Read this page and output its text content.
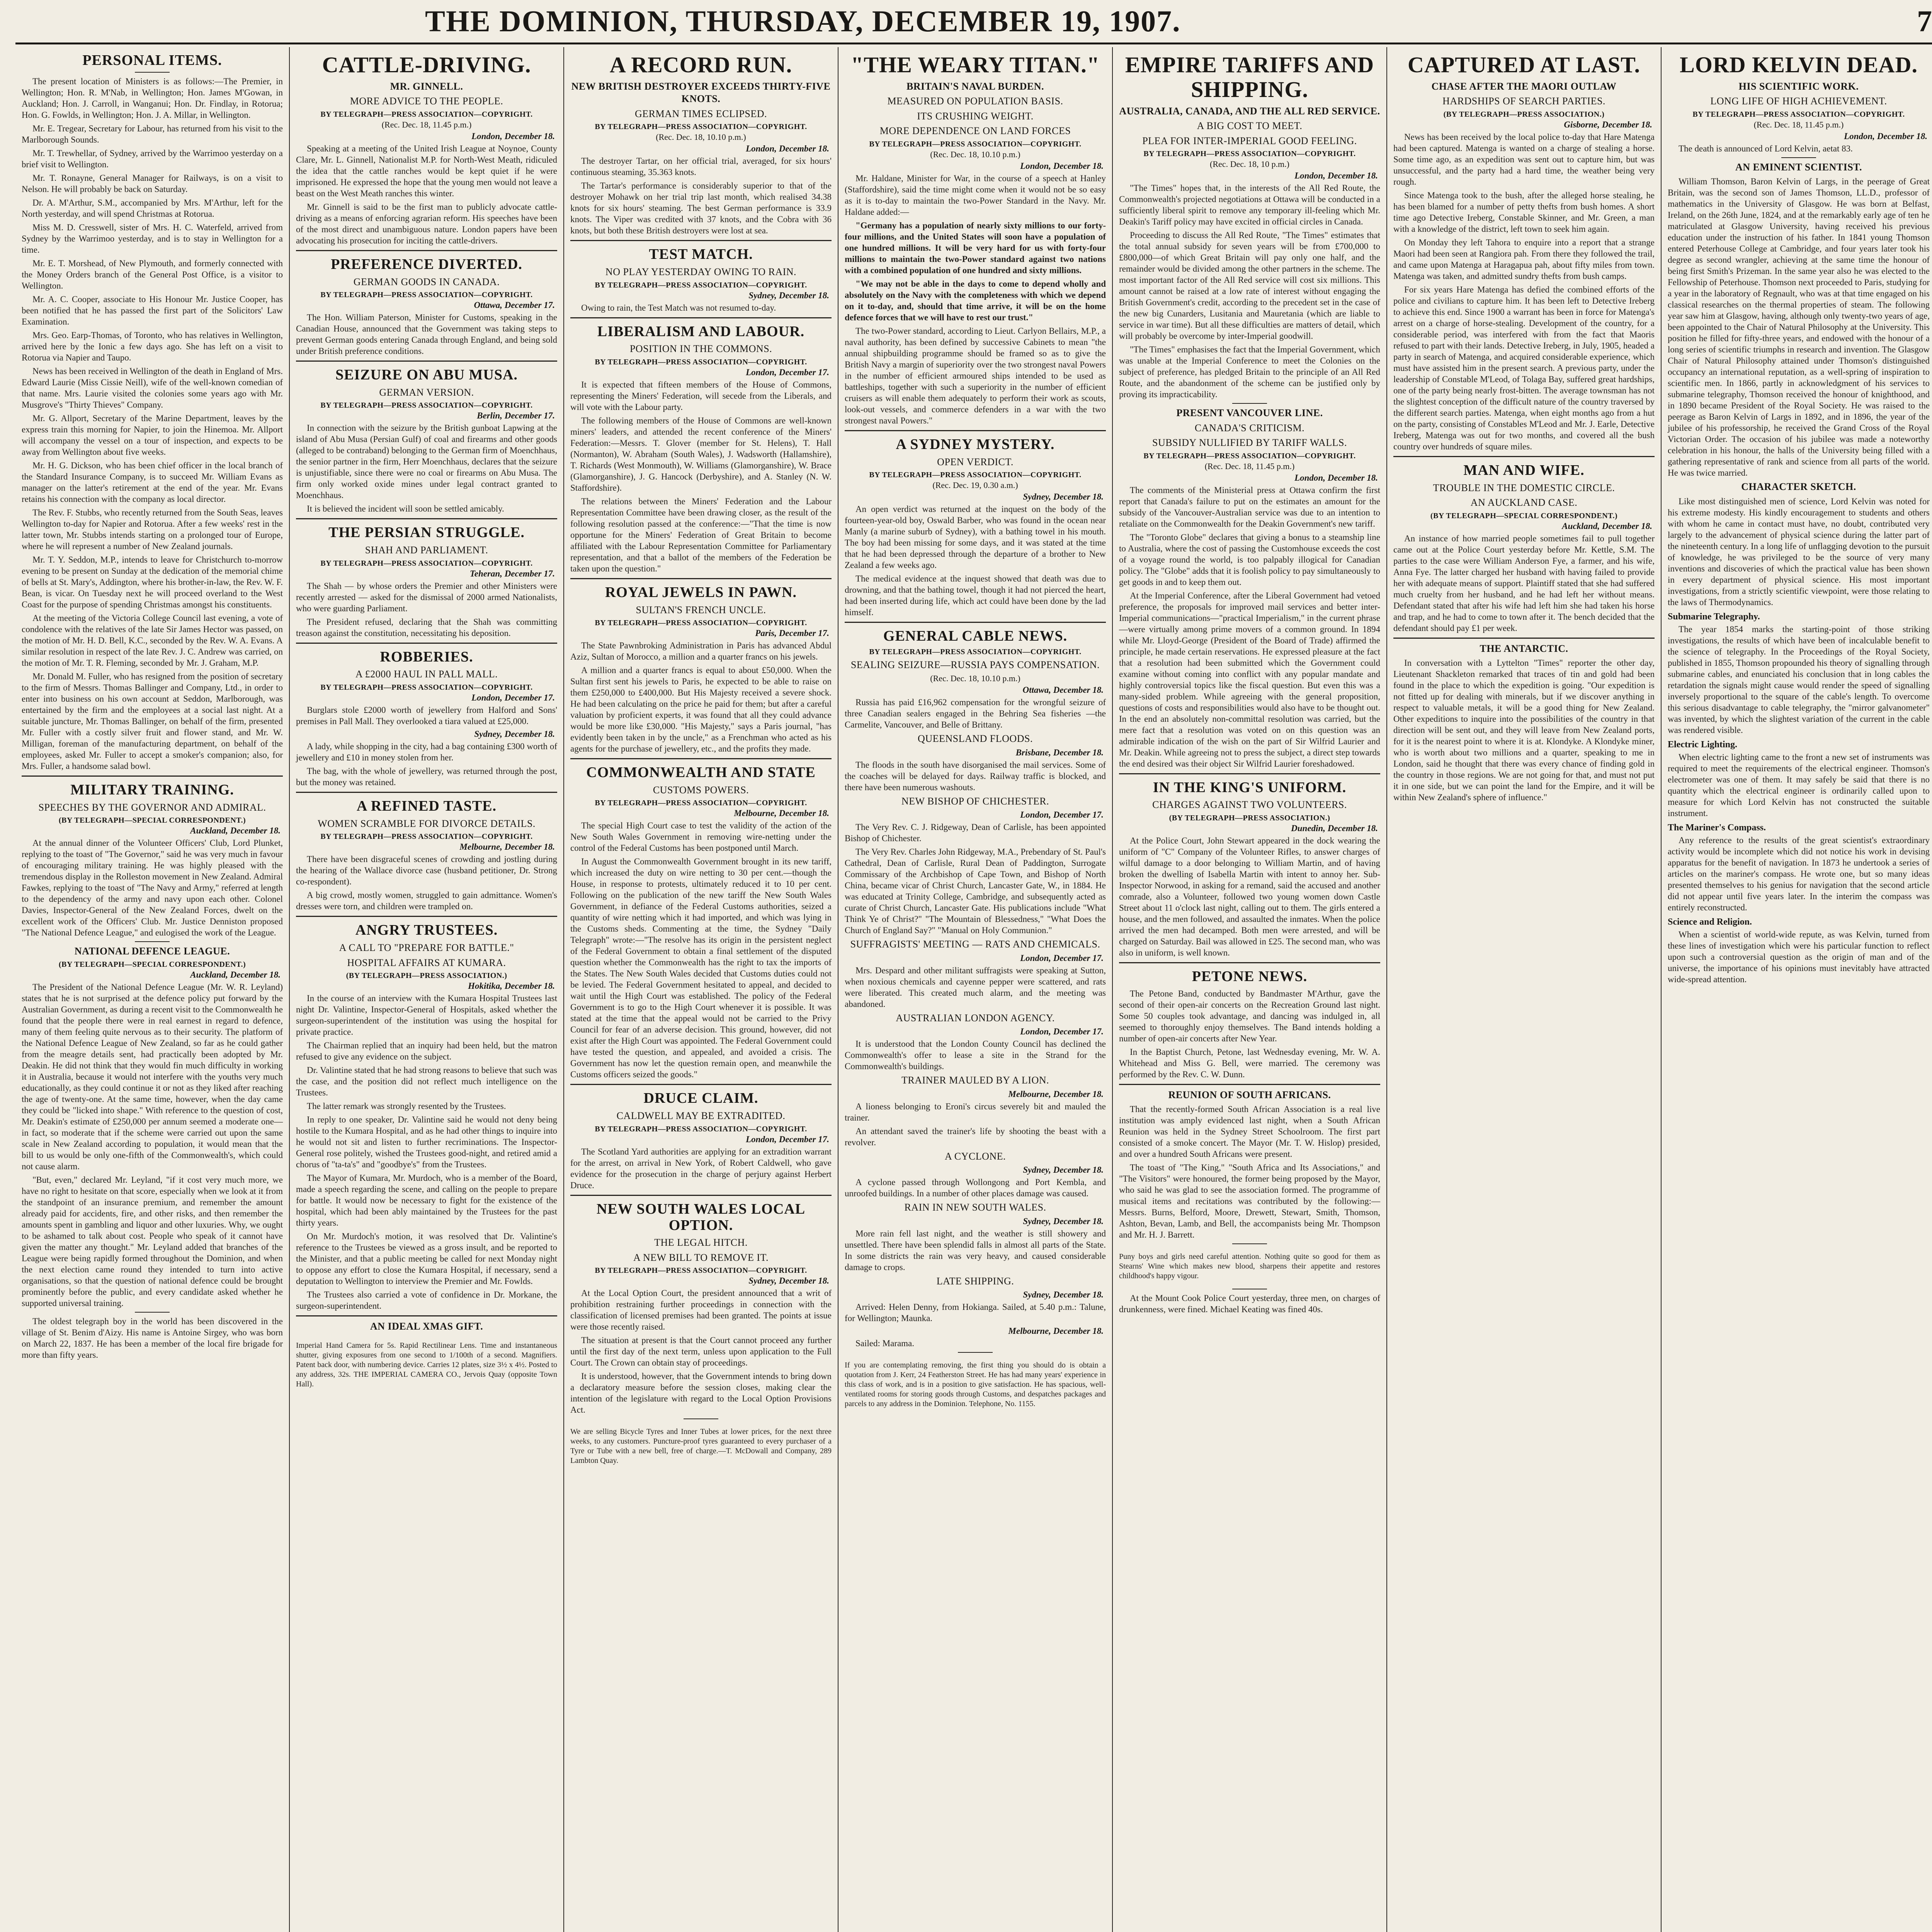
THE DOMINION, THURSDAY, DECEMBER 19, 1907.	7
PERSONAL ITEMS.

The present location of Ministers is as follows:—The Premier, in Wellington; Hon. R. M'Nab, in Wellington; Hon. James M'Gowan, in Auckland; Hon. J. Carroll, in Wanganui; Hon. Dr. Findlay, in Rotorua; Hon. G. Fowlds, in Wellington; Hon. J. A. Millar, in Wellington.

Mr. E. Tregear, Secretary for Labour, has returned from his visit to the Marlborough Sounds.

Mr. T. Trewhellar, of Sydney, arrived by the Warrimoo yesterday on a brief visit to Wellington.

Mr. T. Ronayne, General Manager for Railways, is on a visit to Nelson. He will probably be back on Saturday.

Dr. A. M'Arthur, S.M., accompanied by Mrs. M'Arthur, left for the North yesterday, and will spend Christmas at Rotorua.

Miss M. D. Cresswell, sister of Mrs. H. C. Waterfeld, arrived from Sydney by the Warrimoo yesterday, and is to stay in Wellington for a time.

Mr. E. T. Morshead, of New Plymouth, and formerly connected with the Money Orders branch of the General Post Office, is a visitor to Wellington.

Mr. A. C. Cooper, associate to His Honour Mr. Justice Cooper, has been notified that he has passed the first part of the Solicitors' Law Examination.

Mrs. Geo. Earp-Thomas, of Toronto, who has relatives in Wellington, arrived here by the Ionic a few days ago. She has left on a visit to Rotorua via Napier and Taupo.

News has been received in Wellington of the death in England of Mrs. Edward Laurie (Miss Cissie Neill), wife of the well-known comedian of that name. Mrs. Laurie visited the colonies some years ago with Mr. Musgrove's "Thirty Thieves" Company.

Mr. G. Allport, Secretary of the Marine Department, leaves by the express train this morning for Napier, to join the Hinemoa. Mr. Allport will accompany the vessel on a tour of inspection, and expects to be away from Wellington about five weeks.

Mr. H. G. Dickson, who has been chief officer in the local branch of the Standard Insurance Company, is to succeed Mr. William Evans as manager on the latter's retirement at the end of the year. Mr. Evans retains his connection with the company as local director.

The Rev. F. Stubbs, who recently returned from the South Seas, leaves Wellington to-day for Napier and Rotorua. After a few weeks' rest in the latter town, Mr. Stubbs intends starting on a prolonged tour of Europe, where he will represent a number of New Zealand journals.

Mr. T. Y. Seddon, M.P., intends to leave for Christchurch to-morrow evening to be present on Sunday at the dedication of the memorial chime of bells at St. Mary's, Addington, where his brother-in-law, the Rev. W. F. Bean, is vicar. On Tuesday next he will proceed overland to the West Coast for the purpose of spending Christmas amongst his constituents.

At the meeting of the Victoria College Council last evening, a vote of condolence with the relatives of the late Sir James Hector was passed, on the motion of Mr. H. D. Bell, K.C., seconded by the Rev. W. A. Evans. A similar resolution in respect of the late Rev. J. C. Andrew was carried, on the motion of Mr. T. R. Fleming, seconded by Mr. J. Graham, M.P.

Mr. Donald M. Fuller, who has resigned from the position of secretary to the firm of Messrs. Thomas Ballinger and Company, Ltd., in order to enter into business on his own account at Seddon, Marlborough, was entertained by the firm and the employees at a social last night. At a suitable juncture, Mr. Thomas Ballinger, on behalf of the firm, presented Mr. Fuller with a costly silver fruit and flower stand, and Mr. W. Milligan, foreman of the manufacturing department, on behalf of the employees, asked Mr. Fuller to accept a smoker's companion; also, for Mrs. Fuller, a handsome salad bowl.

MILITARY TRAINING.
SPEECHES BY THE GOVERNOR AND ADMIRAL.
(BY TELEGRAPH—SPECIAL CORRESPONDENT.)
Auckland, December 18.

At the annual dinner of the Volunteer Officers' Club, Lord Plunket, replying to the toast of "The Governor," said he was very much in favour of encouraging military training. He was highly pleased with the tremendous display in the Rolleston movement in New Zealand. Admiral Fawkes, replying to the toast of "The Navy and Army," referred at length to the dependency of the army and navy upon each other. Colonel Davies, Inspector-General of the New Zealand Forces, dwelt on the excellent work of the Officers' Club. Mr. Justice Denniston proposed "The National Defence League," and eulogised the work of the League.

NATIONAL DEFENCE LEAGUE.
(BY TELEGRAPH—SPECIAL CORRESPONDENT.)
Auckland, December 18.

The President of the National Defence League (Mr. W. R. Leyland) states that he is not surprised at the defence policy put forward by the Australian Government, as during a recent visit to the Commonwealth he found that the people there were in real earnest in regard to defence, many of them feeling quite nervous as to their security. The platform of the National Defence League of New Zealand, so far as he could gather from the meagre details sent, had practically been adopted by Mr. Deakin. He did not think that they would fin much difficulty in working it in Australia, because it would not interfere with the youths very much educationally, as they could continue it or not as they liked after reaching the age of twenty-one. At the same time, however, when the day came they could be "licked into shape." With reference to the question of cost, Mr. Deakin's estimate of £250,000 per annum seemed a moderate one—in fact, so moderate that if the scheme were carried out upon the same scale in New Zealand according to population, it would mean that the bill to us would be only one-fifth of the Commonwealth's, which could not cause alarm.

"But, even," declared Mr. Leyland, "if it cost very much more, we have no right to hesitate on that score, especially when we look at it from the standpoint of an insurance premium, and remember the amount already paid for accidents, fire, and other risks, and then remember the amounts spent in gambling and liquor and other luxuries. Why, we ought to be ashamed to talk about cost. People who speak of it cannot have given the matter any thought." Mr. Leyland added that branches of the League were being rapidly formed throughout the Dominion, and when the next election came round they intended to turn into active organisations, so that the question of national defence could be brought prominently before the public, and every candidate asked whether he supported universal training.

The oldest telegraph boy in the world has been discovered in the village of St. Benim d'Aizy. His name is Antoine Sirgey, who was born on March 22, 1837. He has been a member of the local fire brigade for more than fifty years.

CATTLE-DRIVING.
MR. GINNELL.
MORE ADVICE TO THE PEOPLE.
BY TELEGRAPH—PRESS ASSOCIATION—COPYRIGHT.
(Rec. Dec. 18, 11.45 p.m.)
London, December 18.

Speaking at a meeting of the United Irish League at Noynoe, County Clare, Mr. L. Ginnell, Nationalist M.P. for North-West Meath, ridiculed the idea that the cattle ranches would be kept quiet if he were imprisoned. He expressed the hope that the young men would not leave a beast on the West Meath ranches this winter.

Mr. Ginnell is said to be the first man to publicly advocate cattle-driving as a means of enforcing agrarian reform. His speeches have been of the most direct and unambiguous nature. London papers have been advocating his prosecution for inciting the cattle-drivers.

PREFERENCE DIVERTED.
GERMAN GOODS IN CANADA.
BY TELEGRAPH—PRESS ASSOCIATION—COPYRIGHT.
Ottawa, December 17.

The Hon. William Paterson, Minister for Customs, speaking in the Canadian House, announced that the Government was taking steps to prevent German goods entering Canada through England, and being sold under British preference conditions.

SEIZURE ON ABU MUSA.
GERMAN VERSION.
BY TELEGRAPH—PRESS ASSOCIATION—COPYRIGHT.
Berlin, December 17.

In connection with the seizure by the British gunboat Lapwing at the island of Abu Musa (Persian Gulf) of coal and firearms and other goods (alleged to be contraband) belonging to the German firm of Moenchhaus, the senior partner in the firm, Herr Moenchhaus, declares that the seizure is unjustifiable, since there were no coal or firearms on Abu Musa. The firm only worked oxide mines under legal contract granted to Moenchhaus.

It is believed the incident will soon be settled amicably.

THE PERSIAN STRUGGLE.
SHAH AND PARLIAMENT.
BY TELEGRAPH—PRESS ASSOCIATION—COPYRIGHT.
Teheran, December 17.

The Shah — by whose orders the Premier and other Ministers were recently arrested — asked for the dismissal of 2000 armed Nationalists, who were guarding Parliament.

The President refused, declaring that the Shah was committing treason against the constitution, necessitating his deposition.

ROBBERIES.
A £2000 HAUL IN PALL MALL.
BY TELEGRAPH—PRESS ASSOCIATION—COPYRIGHT.
London, December 17.

Burglars stole £2000 worth of jewellery from Halford and Sons' premises in Pall Mall. They overlooked a tiara valued at £25,000.

Sydney, December 18.

A lady, while shopping in the city, had a bag containing £300 worth of jewellery and £10 in money stolen from her.

The bag, with the whole of jewellery, was returned through the post, but the money was retained.

A REFINED TASTE.
WOMEN SCRAMBLE FOR DIVORCE DETAILS.
BY TELEGRAPH—PRESS ASSOCIATION—COPYRIGHT.
Melbourne, December 18.

There have been disgraceful scenes of crowding and jostling during the hearing of the Wallace divorce case (husband petitioner, Dr. Strong co-respondent).

A big crowd, mostly women, struggled to gain admittance. Women's dresses were torn, and children were trampled on.

ANGRY TRUSTEES.
A CALL TO "PREPARE FOR BATTLE."
HOSPITAL AFFAIRS AT KUMARA.
(BY TELEGRAPH—PRESS ASSOCIATION.)
Hokitika, December 18.

In the course of an interview with the Kumara Hospital Trustees last night Dr. Valintine, Inspector-General of Hospitals, asked whether the surgeon-superintendent of the institution was using the hospital for private practice.

The Chairman replied that an inquiry had been held, but the matron refused to give any evidence on the subject.

Dr. Valintine stated that he had strong reasons to believe that such was the case, and the position did not reflect much intelligence on the Trustees.

The latter remark was strongly resented by the Trustees.

In reply to one speaker, Dr. Valintine said he would not deny being hostile to the Kumara Hospital, and as he had other things to inquire into he would not sit and listen to further recriminations. The Inspector-General rose politely, wished the Trustees good-night, and retired amid a chorus of "ta-ta's" and "goodbye's" from the Trustees.

The Mayor of Kumara, Mr. Murdoch, who is a member of the Board, made a speech regarding the scene, and calling on the people to prepare for battle. It would now be necessary to fight for the existence of the hospital, which had been ably maintained by the Trustees for the past thirty years.

On Mr. Murdoch's motion, it was resolved that Dr. Valintine's reference to the Trustees be viewed as a gross insult, and be reported to the Minister, and that a public meeting be called for next Monday night to oppose any effort to close the Kumara Hospital, if necessary, send a deputation to Wellington to interview the Premier and Mr. Fowlds.

The Trustees also carried a vote of confidence in Dr. Morkane, the surgeon-superintendent.

AN IDEAL XMAS GIFT.

Imperial Hand Camera for 5s. Rapid Rectilinear Lens. Time and instantaneous shutter, giving exposures from one second to 1/100th of a second. Magnifiers. Patent back door, with numbering device. Carries 12 plates, size 3½ x 4½. Posted to any address, 32s. THE IMPERIAL CAMERA CO., Jervois Quay (opposite Town Hall).

A RECORD RUN.
NEW BRITISH DESTROYER EXCEEDS THIRTY-FIVE KNOTS.
GERMAN TIMES ECLIPSED.
BY TELEGRAPH—PRESS ASSOCIATION—COPYRIGHT.
(Rec. Dec. 18, 10.10 p.m.)
London, December 18.

The destroyer Tartar, on her official trial, averaged, for six hours' continuous steaming, 35.363 knots.

The Tartar's performance is considerably superior to that of the destroyer Mohawk on her trial trip last month, which realised 34.38 knots for six hours' steaming. The best German performance is 33.9 knots. The Viper was credited with 37 knots, and the Cobra with 36 knots, but both these British destroyers were lost at sea.

TEST MATCH.
NO PLAY YESTERDAY OWING TO RAIN.
BY TELEGRAPH—PRESS ASSOCIATION—COPYRIGHT.
Sydney, December 18.

Owing to rain, the Test Match was not resumed to-day.

LIBERALISM AND LABOUR.
POSITION IN THE COMMONS.
BY TELEGRAPH—PRESS ASSOCIATION—COPYRIGHT.
London, December 17.

It is expected that fifteen members of the House of Commons, representing the Miners' Federation, will secede from the Liberals, and will vote with the Labour party.

The following members of the House of Commons are well-known miners' leaders, and attended the recent conference of the Miners' Federation:—Messrs. T. Glover (member for St. Helens), T. Hall (Normanton), W. Abraham (South Wales), J. Wadsworth (Hallamshire), T. Richards (West Monmouth), W. Williams (Glamorganshire), W. Brace (Glamorganshire), J. G. Hancock (Derbyshire), and A. Stanley (N. W. Staffordshire).

The relations between the Miners' Federation and the Labour Representation Committee have been drawing closer, as the result of the following resolution passed at the conference:—"That the time is now opportune for the Miners' Federation of Great Britain to become affiliated with the Labour Representation Committee for Parliamentary representation, and that a ballot of the members of the Federation be taken upon the question."

ROYAL JEWELS IN PAWN.
SULTAN'S FRENCH UNCLE.
BY TELEGRAPH—PRESS ASSOCIATION—COPYRIGHT.
Paris, December 17.

The State Pawnbroking Administration in Paris has advanced Abdul Aziz, Sultan of Morocco, a million and a quarter francs on his jewels.

A million and a quarter francs is equal to about £50,000. When the Sultan first sent his jewels to Paris, he expected to be able to raise on them £250,000 to £400,000. But His Majesty received a severe shock. He had been calculating on the price he paid for them; but after a careful valuation by proficient experts, it was found that all they could advance would be more like £30,000. "His Majesty," says a Paris journal, "has evidently been taken in by the uncle," as a Frenchman who acted as his agents for the purchase of jewellery, etc., and the profits they made.

COMMONWEALTH AND STATE
CUSTOMS POWERS.
BY TELEGRAPH—PRESS ASSOCIATION—COPYRIGHT.
Melbourne, December 18.

The special High Court case to test the validity of the action of the New South Wales Government in removing wire-netting under the control of the Federal Customs has been postponed until March.

In August the Commonwealth Government brought in its new tariff, which increased the duty on wire netting to 30 per cent.—though the House, in response to protests, ultimately reduced it to 10 per cent. Following on the publication of the new tariff the New South Wales Government, in defiance of the Federal Customs authorities, seized a quantity of wire netting which it had imported, and which was lying in the Customs sheds. Commenting at the time, the Sydney "Daily Telegraph" wrote:—"The resolve has its origin in the persistent neglect of the Federal Government to obtain a final settlement of the disputed question whether the Commonwealth has the right to tax the imports of the States. The New South Wales decided that Customs duties could not be levied. The Federal Government hesitated to appeal, and decided to wait until the High Court was established. The policy of the Federal Government is to go to the High Court whenever it is possible. It was stated at the time that the appeal would not be carried to the Privy Council for fear of an adverse decision. This ground, however, did not exist after the High Court was appointed. The Federal Government could have tested the question, and appealed, and avoided a crisis. The Government has now let the question remain open, and meanwhile the Customs officers seized the goods."

DRUCE CLAIM.
CALDWELL MAY BE EXTRADITED.
BY TELEGRAPH—PRESS ASSOCIATION—COPYRIGHT.
London, December 17.

The Scotland Yard authorities are applying for an extradition warrant for the arrest, on arrival in New York, of Robert Caldwell, who gave evidence for the prosecution in the charge of perjury against Herbert Druce.

NEW SOUTH WALES LOCAL OPTION.
THE LEGAL HITCH.
A NEW BILL TO REMOVE IT.
BY TELEGRAPH—PRESS ASSOCIATION—COPYRIGHT.
Sydney, December 18.

At the Local Option Court, the president announced that a writ of prohibition restraining further proceedings in connection with the classification of licensed premises had been granted. The points at issue were those recently raised.

The situation at present is that the Court cannot proceed any further until the first day of the next term, unless upon application to the Full Court. The Crown can obtain stay of proceedings.

It is understood, however, that the Government intends to bring down a declaratory measure before the session closes, making clear the intention of the legislature with regard to the Local Option Provisions Act.

We are selling Bicycle Tyres and Inner Tubes at lower prices, for the next three weeks, to any customers. Puncture-proof tyres guaranteed to every purchaser of a Tyre or Tube with a new bell, free of charge.—T. McDowall and Company, 289 Lambton Quay.

"THE WEARY TITAN."
BRITAIN'S NAVAL BURDEN.
MEASURED ON POPULATION BASIS.
ITS CRUSHING WEIGHT.
MORE DEPENDENCE ON LAND FORCES
BY TELEGRAPH—PRESS ASSOCIATION—COPYRIGHT.
(Rec. Dec. 18, 10.10 p.m.)
London, December 18.

Mr. Haldane, Minister for War, in the course of a speech at Hanley (Staffordshire), said the time might come when it would not be so easy as it is to-day to maintain the two-Power Standard in the Navy. Mr. Haldane added:—

"Germany has a population of nearly sixty millions to our forty-four millions, and the United States will soon have a population of one hundred millions. It will be very hard for us with forty-four millions to maintain the two-Power standard against two nations with a combined population of one hundred and sixty millions.

"We may not be able in the days to come to depend wholly and absolutely on the Navy with the completeness with which we depend on it to-day, and, should that time arrive, it will be on the home defence forces that we will have to rest our trust."

The two-Power standard, according to Lieut. Carlyon Bellairs, M.P., a naval authority, has been defined by successive Cabinets to mean "the annual shipbuilding programme should be framed so as to give the British Navy a margin of superiority over the two strongest naval Powers in the number of efficient armoured ships intended to be used as battleships, together with such a superiority in the number of efficient cruisers as will enable them adequately to perform their work as scouts, look-out vessels, and commerce defenders in a war with the two strongest naval Powers."

A SYDNEY MYSTERY.
OPEN VERDICT.
BY TELEGRAPH—PRESS ASSOCIATION—COPYRIGHT.
(Rec. Dec. 19, 0.30 a.m.)
Sydney, December 18.

An open verdict was returned at the inquest on the body of the fourteen-year-old boy, Oswald Barber, who was found in the ocean near Manly (a marine suburb of Sydney), with a bathing towel in his mouth. The boy had been missing for some days, and it was stated at the time that he had been depressed through the departure of a brother to New Zealand a few weeks ago.

The medical evidence at the inquest showed that death was due to drowning, and that the bathing towel, though it had not pierced the heart, had been inserted during life, which act could have been done by the lad himself.

GENERAL CABLE NEWS.
BY TELEGRAPH—PRESS ASSOCIATION—COPYRIGHT.
SEALING SEIZURE—RUSSIA PAYS COMPENSATION.
(Rec. Dec. 18, 10.10 p.m.)
Ottawa, December 18.

Russia has paid £16,962 compensation for the wrongful seizure of three Canadian sealers engaged in the Behring Sea fisheries —the Carmelite, Vancouver, and Belle of Brittany.

QUEENSLAND FLOODS.
Brisbane, December 18.

The floods in the south have disorganised the mail services. Some of the coaches will be delayed for days. Railway traffic is blocked, and there have been numerous washouts.

NEW BISHOP OF CHICHESTER.
London, December 17.

The Very Rev. C. J. Ridgeway, Dean of Carlisle, has been appointed Bishop of Chichester.

The Very Rev. Charles John Ridgeway, M.A., Prebendary of St. Paul's Cathedral, Dean of Carlisle, Rural Dean of Paddington, Surrogate Commissary of the Archbishop of Cape Town, and Bishop of North China, became vicar of Christ Church, Lancaster Gate, W., in 1884. He was educated at Trinity College, Cambridge, and subsequently acted as curate of Christ Church, Lancaster Gate. His publications include "What Think Ye of Christ?" "The Mountain of Blessedness," "What Does the Church of England Say?" "Manual on Holy Communion."

SUFFRAGISTS' MEETING — RATS AND CHEMICALS.
London, December 17.

Mrs. Despard and other militant suffragists were speaking at Sutton, when noxious chemicals and cayenne pepper were scattered, and rats were liberated. This created much alarm, and the meeting was abandoned.

AUSTRALIAN LONDON AGENCY.
London, December 17.

It is understood that the London County Council has declined the Commonwealth's offer to lease a site in the Strand for the Commonwealth's buildings.

TRAINER MAULED BY A LION.
Melbourne, December 18.

A lioness belonging to Eroni's circus severely bit and mauled the trainer.

An attendant saved the trainer's life by shooting the beast with a revolver.

A CYCLONE.
Sydney, December 18.

A cyclone passed through Wollongong and Port Kembla, and unroofed buildings. In a number of other places damage was caused.

RAIN IN NEW SOUTH WALES.
Sydney, December 18.

More rain fell last night, and the weather is still showery and unsettled. There have been splendid falls in almost all parts of the State. In some districts the rain was very heavy, and caused considerable damage to crops.

LATE SHIPPING.
Sydney, December 18.

Arrived: Helen Denny, from Hokianga. Sailed, at 5.40 p.m.: Talune, for Wellington; Maunka.

Melbourne, December 18.

Sailed: Marama.

If you are contemplating removing, the first thing you should do is obtain a quotation from J. Kerr, 24 Featherston Street. He has had many years' experience in this class of work, and is in a position to give satisfaction. He has spacious, well-ventilated rooms for storing goods through Customs, and despatches packages and parcels to any address in the Dominion. Telephone, No. 1155.

EMPIRE TARIFFS AND SHIPPING.
AUSTRALIA, CANADA, AND THE ALL RED SERVICE.
A BIG COST TO MEET.
PLEA FOR INTER-IMPERIAL GOOD FEELING.
BY TELEGRAPH—PRESS ASSOCIATION—COPYRIGHT.
(Rec. Dec. 18, 10 p.m.)
London, December 18.

"The Times" hopes that, in the interests of the All Red Route, the Commonwealth's projected negotiations at Ottawa will be conducted in a sufficiently liberal spirit to remove any temporary ill-feeling which Mr. Deakin's Tariff policy may have excited in official circles in Canada.

Proceeding to discuss the All Red Route, "The Times" estimates that the total annual subsidy for seven years will be from £700,000 to £800,000—of which Great Britain will pay only one half, and the remainder would be divided among the other partners in the scheme. The most important factor of the All Red service will cost six millions. This amount cannot be raised at a low rate of interest without engaging the British Government's credit, according to the precedent set in the case of the new big Cunarders, Lusitania and Mauretania (which are liable to service in war time). But all these difficulties are matters of detail, which will probably be overcome by inter-Imperial goodwill.

"The Times" emphasises the fact that the Imperial Government, which was unable at the Imperial Conference to meet the Colonies on the subject of preference, has pledged Britain to the principle of an All Red Route, and the abandonment of the scheme can be justified only by proving its impracticability.

PRESENT VANCOUVER LINE.
CANADA'S CRITICISM.
SUBSIDY NULLIFIED BY TARIFF WALLS.
BY TELEGRAPH—PRESS ASSOCIATION—COPYRIGHT.
(Rec. Dec. 18, 11.45 p.m.)
London, December 18.

The comments of the Ministerial press at Ottawa confirm the first report that Canada's failure to put on the estimates an amount for the subsidy of the Vancouver-Australian service was due to an intention to retaliate on the Commonwealth for the Deakin Government's new tariff.

The "Toronto Globe" declares that giving a bonus to a steamship line to Australia, where the cost of passing the Customhouse exceeds the cost of a voyage round the world, is too palpably illogical for Canadian policy. The "Globe" adds that it is foolish policy to pay simultaneously to get goods in and to keep them out.

At the Imperial Conference, after the Liberal Government had vetoed preference, the proposals for improved mail services and better inter-Imperial communications—"practical Imperialism," in the current phrase—were virtually among prime movers of a common ground. In 1894 while Mr. Lloyd-George (President of the Board of Trade) affirmed the principle, he made certain reservations. He expressed pleasure at the fact that a resolution had been submitted which the Government could examine without coming into conflict with any popular mandate and highly controversial topics like the fiscal question. But even this was a many-sided problem. While agreeing with the general proposition, questions of costs and responsibilities would also have to be thought out. In the end an absolutely non-committal resolution was carried, but the mere fact that a resolution was voted on on this question was an admirable indication of the wish on the part of Sir Wilfrid Laurier and Mr. Deakin. While agreeing not to press the subject, a direct step towards the end desired was their object Sir Wilfrid Laurier foreshadowed.

IN THE KING'S UNIFORM.
CHARGES AGAINST TWO VOLUNTEERS.
(BY TELEGRAPH—PRESS ASSOCIATION.)
Dunedin, December 18.

At the Police Court, John Stewart appeared in the dock wearing the uniform of "C" Company of the Volunteer Rifles, to answer charges of wilful damage to a door belonging to William Martin, and of having broken the dwelling of Isabella Martin with intent to annoy her. Sub-Inspector Norwood, in asking for a remand, said the accused and another comrade, also a Volunteer, followed two young women down Castle Street about 11 o'clock last night, calling out to them. The girls entered a house, and the men followed, and assaulted the inmates. When the police arrived the men had decamped. Both men were arrested, and will be charged on Saturday. Bail was allowed in £25. The second man, who was also in uniform, is well known.

PETONE NEWS.

The Petone Band, conducted by Bandmaster M'Arthur, gave the second of their open-air concerts on the Recreation Ground last night. Some 50 couples took advantage, and dancing was indulged in, all seemed to thoroughly enjoy themselves. The Band intends holding a number of open-air concerts after New Year.

In the Baptist Church, Petone, last Wednesday evening, Mr. W. A. Whitehead and Miss G. Bell, were married. The ceremony was performed by the Rev. C. W. Dunn.

REUNION OF SOUTH AFRICANS.

That the recently-formed South African Association is a real live institution was amply evidenced last night, when a South African Reunion was held in the Sydney Street Schoolroom. The first part consisted of a smoke concert. The Mayor (Mr. T. W. Hislop) presided, and over a hundred South Africans were present.

The toast of "The King," "South Africa and Its Associations," and "The Visitors" were honoured, the former being proposed by the Mayor, who said he was glad to see the association formed. The programme of musical items and recitations was contributed by the following:—Messrs. Burns, Belford, Moore, Drewett, Stewart, Smith, Thomson, Ashton, Bevan, Lamb, and Bell, the accompanists being Mr. Thompson and Mr. H. J. Barrett.

Puny boys and girls need careful attention. Nothing quite so good for them as Stearns' Wine which makes new blood, sharpens their appetite and restores childhood's happy vigour.

At the Mount Cook Police Court yesterday, three men, on charges of drunkenness, were fined. Michael Keating was fined 40s.

CAPTURED AT LAST.
CHASE AFTER THE MAORI OUTLAW
HARDSHIPS OF SEARCH PARTIES.
(BY TELEGRAPH—PRESS ASSOCIATION.)
Gisborne, December 18.

News has been received by the local police to-day that Hare Matenga had been captured. Matenga is wanted on a charge of stealing a horse. Some time ago, as an expedition was sent out to capture him, but was unsuccessful, and the party had a hard time, the weather being very rough.

Since Matenga took to the bush, after the alleged horse stealing, he has been blamed for a number of petty thefts from bush homes. A short time ago Detective Ireberg, Constable Skinner, and Mr. Green, a man with a knowledge of the district, left town to seek him again.

On Monday they left Tahora to enquire into a report that a strange Maori had been seen at Rangiora pah. From there they followed the trail, and came upon Matenga at Haragapua pah, about fifty miles from town. Matenga was taken, and admitted sundry thefts from bush camps.

For six years Hare Matenga has defied the combined efforts of the police and civilians to capture him. It has been left to Detective Ireberg to achieve this end. Since 1900 a warrant has been in force for Matenga's arrest on a charge of horse-stealing. Development of the country, for a considerable period, was interfered with from the fact that Maoris refused to part with their lands. Detective Ireberg, in July, 1905, headed a party in search of Matenga, and acquired considerable experience, which must have assisted him in the present search. A previous party, under the leadership of Constable M'Leod, of Tolaga Bay, suffered great hardships, one of the party being nearly frost-bitten. The average townsman has not the slightest conception of the difficult nature of the country traversed by the different search parties. Matenga, when eight months ago from a hut on the party, consisting of Constables M'Leod and Mr. J. Earle, Detective Ireberg, Matenga was out for two months, and covered all the bush country over hundreds of square miles.

MAN AND WIFE.
TROUBLE IN THE DOMESTIC CIRCLE.
AN AUCKLAND CASE.
(BY TELEGRAPH—SPECIAL CORRESPONDENT.)
Auckland, December 18.

An instance of how married people sometimes fail to pull together came out at the Police Court yesterday before Mr. Kettle, S.M. The parties to the case were William Anderson Fye, a farmer, and his wife, Anna Fye. The latter charged her husband with having failed to provide her with adequate means of support. Plaintiff stated that she had suffered much cruelty from her husband, and he had left her without means. Defendant stated that after his wife had left him she had taken his horse and trap, and he had to come to town after it. The bench decided that the defendant should pay £1 per week.

THE ANTARCTIC.

In conversation with a Lyttelton "Times" reporter the other day, Lieutenant Shackleton remarked that traces of tin and gold had been found in the place to which the expedition is going. "Our expedition is not fitted up for dealing with minerals, but if we discover anything in respect to valuable metals, it will be a good thing for New Zealand. Other expeditions to inquire into the possibilities of the country in that direction will be sent out, and they will leave from New Zealand ports, for it is the nearest point to where it is at. Klondyke. A Klondyke miner, who is worth about two millions and a quarter, speaking to me in London, said he thought that there was every chance of finding gold in the country in those regions. We are not going for that, and must not put it in one side, but we can point the land for the Empire, and it will be within New Zealand's sphere of influence."

LORD KELVIN DEAD.
HIS SCIENTIFIC WORK.
LONG LIFE OF HIGH ACHIEVEMENT.
BY TELEGRAPH—PRESS ASSOCIATION—COPYRIGHT.
(Rec. Dec. 18, 11.45 p.m.)
London, December 18.

The death is announced of Lord Kelvin, aetat 83.

AN EMINENT SCIENTIST.

William Thomson, Baron Kelvin of Largs, in the peerage of Great Britain, was the second son of James Thomson, LL.D., professor of mathematics in the University of Glasgow. He was born at Belfast, Ireland, on the 26th June, 1824, and at the remarkably early age of ten he matriculated at Glasgow University, having received his previous education under the instruction of his father. In 1841 young Thomson entered Peterhouse College at Cambridge, and four years later took his degree as second wrangler, achieving at the same time the honour of being first Smith's Prizeman. In the same year also he was elected to the Fellowship of Peterhouse. Thomson next proceeded to Paris, studying for a year in the laboratory of Regnault, who was at that time engaged on his classical researches on the thermal properties of steam. The following year saw him at Glasgow, having, although only twenty-two years of age, been appointed to the Chair of Natural Philosophy at the University. This position he filled for fifty-three years, and endowed with the honour of a long series of scientific triumphs in research and invention. The Glasgow Chair of Natural Philosophy attained under Thomson's distinguished occupancy an international reputation, as a well-spring of inspiration to scientific men. In 1866, partly in acknowledgment of his services to submarine telegraphy, Thomson received the honour of knighthood, and in 1890 became President of the Royal Society. He was raised to the peerage as Baron Kelvin of Largs in 1892, and in 1896, the year of the jubilee of his professorship, he received the Grand Cross of the Royal Victorian Order. The occasion of his jubilee was made a noteworthy celebration in his honour, the halls of the University being filled with a gathering representative of rank and science from all parts of the world. He was twice married.

CHARACTER SKETCH.

Like most distinguished men of science, Lord Kelvin was noted for his extreme modesty. His kindly encouragement to students and others with whom he came in contact must have, no doubt, contributed very largely to the advancement of physical science during the latter part of the nineteenth century. In a long life of unflagging devotion to the pursuit of knowledge, he was privileged to be the source of very many inventions and discoveries of which the practical value has been shown in every department of physical science. His most important investigations, from a strictly scientific viewpoint, were those relating to the laws of Thermodynamics.

Submarine Telegraphy.

The year 1854 marks the starting-point of those striking investigations, the results of which have been of incalculable benefit to the science of telegraphy. In the Proceedings of the Royal Society, published in 1855, Thomson propounded his theory of signalling through submarine cables, and enunciated his conclusion that in long cables the retardation the signals might cause would render the speed of signalling inversely proportional to the square of the cable's length. To overcome this serious disadvantage to cable telegraphy, the "mirror galvanometer" was invented, by which the slightest variation of the current in the cable was rendered visible.

Electric Lighting.

When electric lighting came to the front a new set of instruments was required to meet the requirements of the electrical engineer. Thomson's electrometer was one of them. It may safely be said that there is no quantity which the electrical engineer is ordinarily called upon to measure for which Lord Kelvin has not constructed the suitable instrument.

The Mariner's Compass.

Any reference to the results of the great scientist's extraordinary activity would be incomplete which did not notice his work in devising apparatus for the benefit of navigation. In 1873 he undertook a series of articles on the mariner's compass. He wrote one, but so many ideas presented themselves to his genius for navigation that the second article did not appear until five years later. In the interim the compass was entirely reconstructed.

Science and Religion.

When a scientist of world-wide repute, as was Kelvin, turned from these lines of investigation which were his particular function to reflect upon such a controversial question as the origin of man and of the universe, the importance of his opinions must inevitably have attracted wide-spread attention.
